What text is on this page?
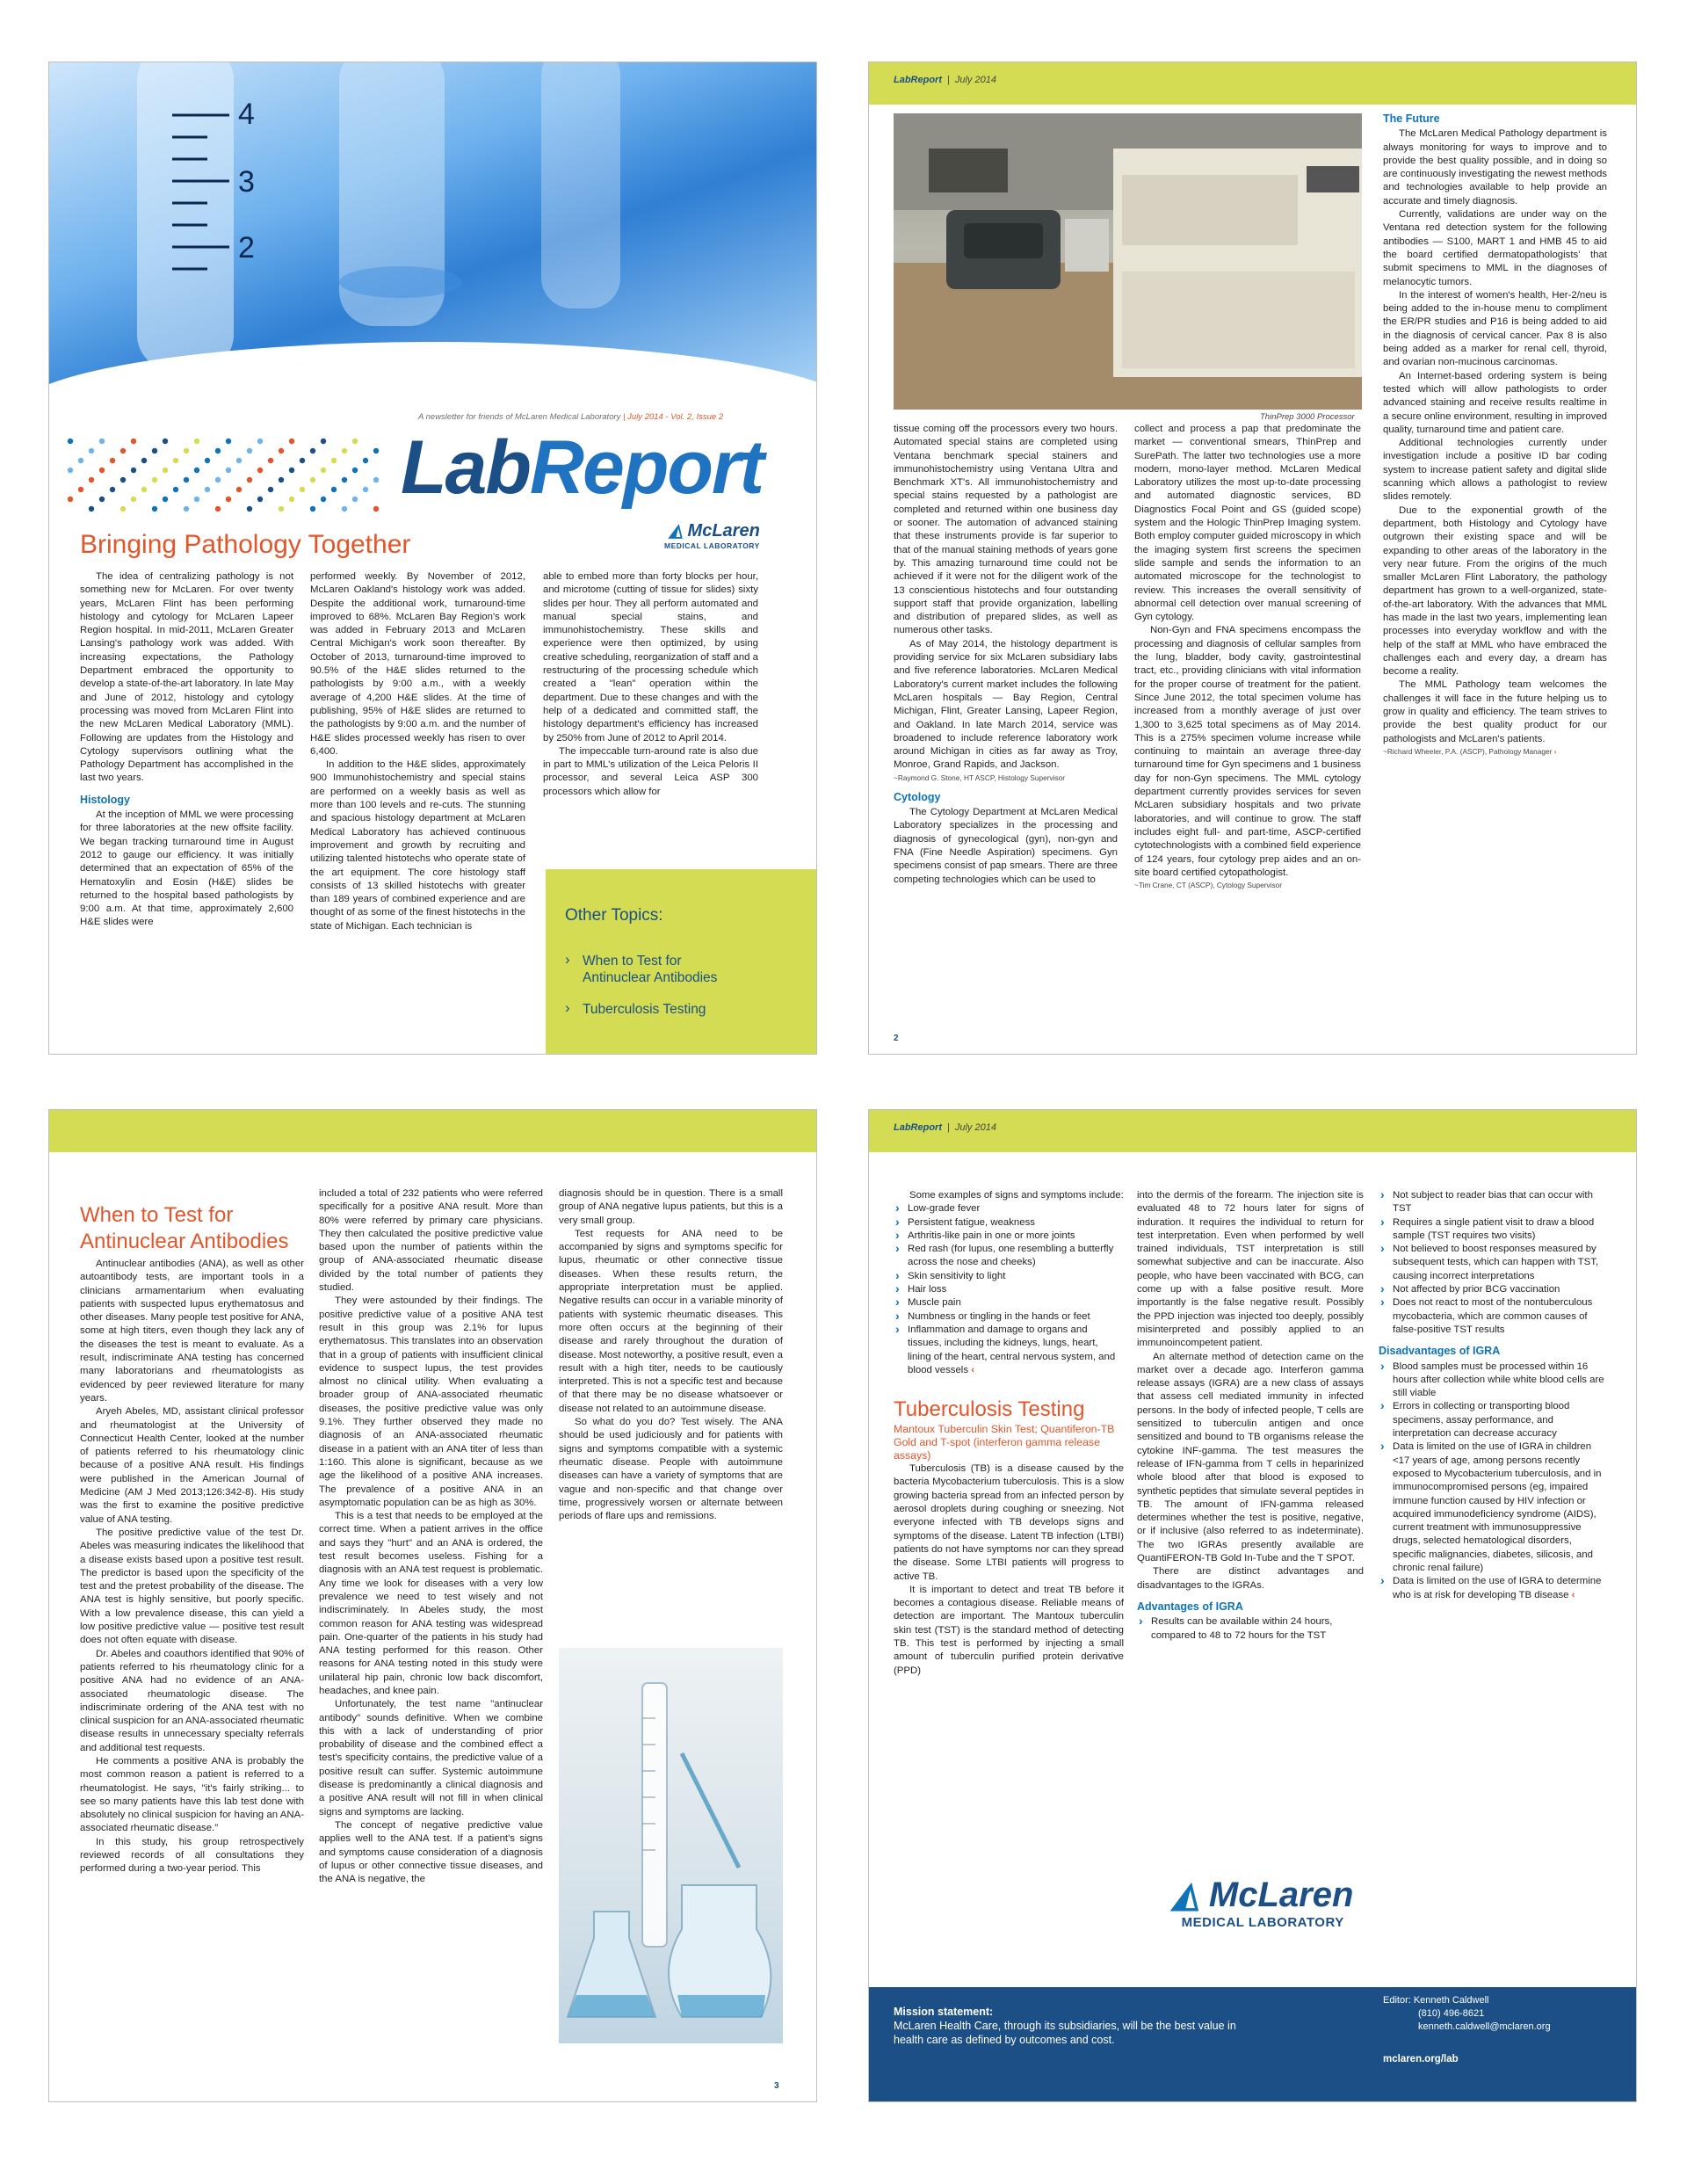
4
3
2
A newsletter for friends of McLaren Medical Laboratory | July 2014 - Vol. 2, Issue 2
LabReport
◭ McLaren
MEDICAL LABORATORY
Bringing Pathology Together

The idea of centralizing pathology is not something new for McLaren. For over twenty years, McLaren Flint has been performing histology and cytology for McLaren Lapeer Region hospital. In mid-2011, McLaren Greater Lansing's pathology work was added. With increasing expectations, the Pathology Department embraced the opportunity to develop a state-of-the-art laboratory. In late May and June of 2012, histology and cytology processing was moved from McLaren Flint into the new McLaren Medical Laboratory (MML). Following are updates from the Histology and Cytology supervisors outlining what the Pathology Department has accomplished in the last two years.

Histology

At the inception of MML we were processing for three laboratories at the new offsite facility. We began tracking turnaround time in August 2012 to gauge our efficiency. It was initially determined that an expectation of 65% of the Hematoxylin and Eosin (H&E) slides be returned to the hospital based pathologists by 9:00 a.m. At that time, approximately 2,600 H&E slides were

performed weekly. By November of 2012, McLaren Oakland's histology work was added. Despite the additional work, turnaround-time improved to 68%. McLaren Bay Region's work was added in February 2013 and McLaren Central Michigan's work soon thereafter. By October of 2013, turnaround-time improved to 90.5% of the H&E slides returned to the pathologists by 9:00 a.m., with a weekly average of 4,200 H&E slides. At the time of publishing, 95% of H&E slides are returned to the pathologists by 9:00 a.m. and the number of H&E slides processed weekly has risen to over 6,400.

In addition to the H&E slides, approximately 900 Immunohistochemistry and special stains are performed on a weekly basis as well as more than 100 levels and re-cuts. The stunning and spacious histology department at McLaren Medical Laboratory has achieved continuous improvement and growth by recruiting and utilizing talented histotechs who operate state of the art equipment. The core histology staff consists of 13 skilled histotechs with greater than 189 years of combined experience and are thought of as some of the finest histotechs in the state of Michigan. Each technician is

able to embed more than forty blocks per hour, and microtome (cutting of tissue for slides) sixty slides per hour. They all perform automated and manual special stains, and immunohistochemistry. These skills and experience were then optimized, by using creative scheduling, reorganization of staff and a restructuring of the processing schedule which created a "lean" operation within the department. Due to these changes and with the help of a dedicated and committed staff, the histology department's efficiency has increased by 250% from June of 2012 to April 2014.

The impeccable turn-around rate is also due in part to MML's utilization of the Leica Peloris II processor, and several Leica ASP 300 processors which allow for

Other Topics:
› When to Test for
Antinuclear Antibodies
› Tuberculosis Testing
LabReport | July 2014
ThinPrep 3000 Processor

tissue coming off the processors every two hours. Automated special stains are completed using Ventana benchmark special stainers and immunohistochemistry using Ventana Ultra and Benchmark XT's. All immunohistochemistry and special stains requested by a pathologist are completed and returned within one business day or sooner. The automation of advanced staining that these instruments provide is far superior to that of the manual staining methods of years gone by. This amazing turnaround time could not be achieved if it were not for the diligent work of the 13 conscientious histotechs and four outstanding support staff that provide organization, labelling and distribution of prepared slides, as well as numerous other tasks.

As of May 2014, the histology department is providing service for six McLaren subsidiary labs and five reference laboratories. McLaren Medical Laboratory's current market includes the following McLaren hospitals — Bay Region, Central Michigan, Flint, Greater Lansing, Lapeer Region, and Oakland. In late March 2014, service was broadened to include reference laboratory work around Michigan in cities as far away as Troy, Monroe, Grand Rapids, and Jackson.

~Raymond G. Stone, HT ASCP, Histology Supervisor

Cytology

The Cytology Department at McLaren Medical Laboratory specializes in the processing and diagnosis of gynecological (gyn), non-gyn and FNA (Fine Needle Aspiration) specimens. Gyn specimens consist of pap smears. There are three competing technologies which can be used to

collect and process a pap that predominate the market — conventional smears, ThinPrep and SurePath. The latter two technologies use a more modern, mono-layer method. McLaren Medical Laboratory utilizes the most up-to-date processing and automated diagnostic services, BD Diagnostics Focal Point and GS (guided scope) system and the Hologic ThinPrep Imaging system. Both employ computer guided microscopy in which the imaging system first screens the specimen slide sample and sends the information to an automated microscope for the technologist to review. This increases the overall sensitivity of abnormal cell detection over manual screening of Gyn cytology.

Non-Gyn and FNA specimens encompass the processing and diagnosis of cellular samples from the lung, bladder, body cavity, gastrointestinal tract, etc., providing clinicians with vital information for the proper course of treatment for the patient. Since June 2012, the total specimen volume has increased from a monthly average of just over 1,300 to 3,625 total specimens as of May 2014. This is a 275% specimen volume increase while continuing to maintain an average three-day turnaround time for Gyn specimens and 1 business day for non-Gyn specimens. The MML cytology department currently provides services for seven McLaren subsidiary hospitals and two private laboratories, and will continue to grow. The staff includes eight full- and part-time, ASCP-certified cytotechnologists with a combined field experience of 124 years, four cytology prep aides and an on-site board certified cytopathologist.

~Tim Crane, CT (ASCP), Cytology Supervisor

The Future

The McLaren Medical Pathology department is always monitoring for ways to improve and to provide the best quality possible, and in doing so are continuously investigating the newest methods and technologies available to help provide an accurate and timely diagnosis.

Currently, validations are under way on the Ventana red detection system for the following antibodies — S100, MART 1 and HMB 45 to aid the board certified dermatopathologists' that submit specimens to MML in the diagnoses of melanocytic tumors.

In the interest of women's health, Her-2/neu is being added to the in-house menu to compliment the ER/PR studies and P16 is being added to aid in the diagnosis of cervical cancer. Pax 8 is also being added as a marker for renal cell, thyroid, and ovarian non-mucinous carcinomas.

An Internet-based ordering system is being tested which will allow pathologists to order advanced staining and receive results realtime in a secure online environment, resulting in improved quality, turnaround time and patient care.

Additional technologies currently under investigation include a positive ID bar coding system to increase patient safety and digital slide scanning which allows a pathologist to review slides remotely.

Due to the exponential growth of the department, both Histology and Cytology have outgrown their existing space and will be expanding to other areas of the laboratory in the very near future. From the origins of the much smaller McLaren Flint Laboratory, the pathology department has grown to a well-organized, state-of-the-art laboratory. With the advances that MML has made in the last two years, implementing lean processes into everyday workflow and with the help of the staff at MML who have embraced the challenges each and every day, a dream has become a reality.

The MML Pathology team welcomes the challenges it will face in the future helping us to grow in quality and efficiency. The team strives to provide the best quality product for our pathologists and McLaren's patients.

~Richard Wheeler, P.A. (ASCP), Pathology Manager ‹

2
When to Test for
Antinuclear Antibodies

Antinuclear antibodies (ANA), as well as other autoantibody tests, are important tools in a clinicians armamentarium when evaluating patients with suspected lupus erythematosus and other diseases. Many people test positive for ANA, some at high titers, even though they lack any of the diseases the test is meant to evaluate. As a result, indiscriminate ANA testing has concerned many laboratorians and rheumatologists as evidenced by peer reviewed literature for many years.

Aryeh Abeles, MD, assistant clinical professor and rheumatologist at the University of Connecticut Health Center, looked at the number of patients referred to his rheumatology clinic because of a positive ANA result. His findings were published in the American Journal of Medicine (AM J Med 2013;126:342-8). His study was the first to examine the positive predictive value of ANA testing.

The positive predictive value of the test Dr. Abeles was measuring indicates the likelihood that a disease exists based upon a positive test result. The predictor is based upon the specificity of the test and the pretest probability of the disease. The ANA test is highly sensitive, but poorly specific. With a low prevalence disease, this can yield a low positive predictive value — positive test result does not often equate with disease.

Dr. Abeles and coauthors identified that 90% of patients referred to his rheumatology clinic for a positive ANA had no evidence of an ANA-associated rheumatologic disease. The indiscriminate ordering of the ANA test with no clinical suspicion for an ANA-associated rheumatic disease results in unnecessary specialty referrals and additional test requests.

He comments a positive ANA is probably the most common reason a patient is referred to a rheumatologist. He says, "it's fairly striking... to see so many patients have this lab test done with absolutely no clinical suspicion for having an ANA-associated rheumatic disease."

In this study, his group retrospectively reviewed records of all consultations they performed during a two-year period. This

included a total of 232 patients who were referred specifically for a positive ANA result. More than 80% were referred by primary care physicians. They then calculated the positive predictive value based upon the number of patients within the group of ANA-associated rheumatic disease divided by the total number of patients they studied.

They were astounded by their findings. The positive predictive value of a positive ANA test result in this group was 2.1% for lupus erythematosus. This translates into an observation that in a group of patients with insufficient clinical evidence to suspect lupus, the test provides almost no clinical utility. When evaluating a broader group of ANA-associated rheumatic diseases, the positive predictive value was only 9.1%. They further observed they made no diagnosis of an ANA-associated rheumatic disease in a patient with an ANA titer of less than 1:160. This alone is significant, because as we age the likelihood of a positive ANA increases. The prevalence of a positive ANA in an asymptomatic population can be as high as 30%.

This is a test that needs to be employed at the correct time. When a patient arrives in the office and says they "hurt" and an ANA is ordered, the test result becomes useless. Fishing for a diagnosis with an ANA test request is problematic. Any time we look for diseases with a very low prevalence we need to test wisely and not indiscriminately. In Abeles study, the most common reason for ANA testing was widespread pain. One-quarter of the patients in his study had ANA testing performed for this reason. Other reasons for ANA testing noted in this study were unilateral hip pain, chronic low back discomfort, headaches, and knee pain.

Unfortunately, the test name "antinuclear antibody" sounds definitive. When we combine this with a lack of understanding of prior probability of disease and the combined effect a test's specificity contains, the predictive value of a positive result can suffer. Systemic autoimmune disease is predominantly a clinical diagnosis and a positive ANA result will not fill in when clinical signs and symptoms are lacking.

The concept of negative predictive value applies well to the ANA test. If a patient's signs and symptoms cause consideration of a diagnosis of lupus or other connective tissue diseases, and the ANA is negative, the

diagnosis should be in question. There is a small group of ANA negative lupus patients, but this is a very small group.

Test requests for ANA need to be accompanied by signs and symptoms specific for lupus, rheumatic or other connective tissue diseases. When these results return, the appropriate interpretation must be applied. Negative results can occur in a variable minority of patients with systemic rheumatic diseases. This more often occurs at the beginning of their disease and rarely throughout the duration of disease. Most noteworthy, a positive result, even a result with a high titer, needs to be cautiously interpreted. This is not a specific test and because of that there may be no disease whatsoever or disease not related to an autoimmune disease.

So what do you do? Test wisely. The ANA should be used judiciously and for patients with signs and symptoms compatible with a systemic rheumatic disease. People with autoimmune diseases can have a variety of symptoms that are vague and non-specific and that change over time, progressively worsen or alternate between periods of flare ups and remissions.

3
LabReport | July 2014

Some examples of signs and symptoms include:

› Low-grade fever
› Persistent fatigue, weakness
› Arthritis-like pain in one or more joints
› Red rash (for lupus, one resembling a butterfly across the nose and cheeks)
› Skin sensitivity to light
› Hair loss
› Muscle pain
› Numbness or tingling in the hands or feet
› Inflammation and damage to organs and tissues, including the kidneys, lungs, heart, lining of the heart, central nervous system, and blood vessels ‹
Tuberculosis Testing
Mantoux Tuberculin Skin Test; Quantiferon-TB Gold and T-spot (interferon gamma release assays)

Tuberculosis (TB) is a disease caused by the bacteria Mycobacterium tuberculosis. This is a slow growing bacteria spread from an infected person by aerosol droplets during coughing or sneezing. Not everyone infected with TB develops signs and symptoms of the disease. Latent TB infection (LTBI) patients do not have symptoms nor can they spread the disease. Some LTBI patients will progress to active TB.

It is important to detect and treat TB before it becomes a contagious disease. Reliable means of detection are important. The Mantoux tuberculin skin test (TST) is the standard method of detecting TB. This test is performed by injecting a small amount of tuberculin purified protein derivative (PPD)

into the dermis of the forearm. The injection site is evaluated 48 to 72 hours later for signs of induration. It requires the individual to return for test interpretation. Even when performed by well trained individuals, TST interpretation is still somewhat subjective and can be inaccurate. Also people, who have been vaccinated with BCG, can come up with a false positive result. More importantly is the false negative result. Possibly the PPD injection was injected too deeply, possibly misinterpreted and possibly applied to an immunoincompetent patient.

An alternate method of detection came on the market over a decade ago. Interferon gamma release assays (IGRA) are a new class of assays that assess cell mediated immunity in infected persons. In the body of infected people, T cells are sensitized to tuberculin antigen and once sensitized and bound to TB organisms release the cytokine INF-gamma. The test measures the release of IFN-gamma from T cells in heparinized whole blood after that blood is exposed to synthetic peptides that simulate several peptides in TB. The amount of IFN-gamma released determines whether the test is positive, negative, or if inclusive (also referred to as indeterminate). The two IGRAs presently available are QuantiFERON-TB Gold In-Tube and the T SPOT.

There are distinct advantages and disadvantages to the IGRAs.

Advantages of IGRA
› Results can be available within 24 hours, compared to 48 to 72 hours for the TST
› Not subject to reader bias that can occur with TST
› Requires a single patient visit to draw a blood sample (TST requires two visits)
› Not believed to boost responses measured by subsequent tests, which can happen with TST, causing incorrect interpretations
› Not affected by prior BCG vaccination
› Does not react to most of the nontuberculous mycobacteria, which are common causes of false-positive TST results
Disadvantages of IGRA
› Blood samples must be processed within 16 hours after collection while white blood cells are still viable
› Errors in collecting or transporting blood specimens, assay performance, and interpretation can decrease accuracy
› Data is limited on the use of IGRA in children <17 years of age, among persons recently exposed to Mycobacterium tuberculosis, and in immunocompromised persons (eg, impaired immune function caused by HIV infection or acquired immunodeficiency syndrome (AIDS), current treatment with immunosuppressive drugs, selected hematological disorders, specific malignancies, diabetes, silicosis, and chronic renal failure)
› Data is limited on the use of IGRA to determine who is at risk for developing TB disease ‹
◭ McLaren
MEDICAL LABORATORY
Mission statement:
McLaren Health Care, through its subsidiaries, will be the best value in health care as defined by outcomes and cost.
Editor: Kenneth Caldwell
(810) 496-8621
kenneth.caldwell@mclaren.org
mclaren.org/lab
